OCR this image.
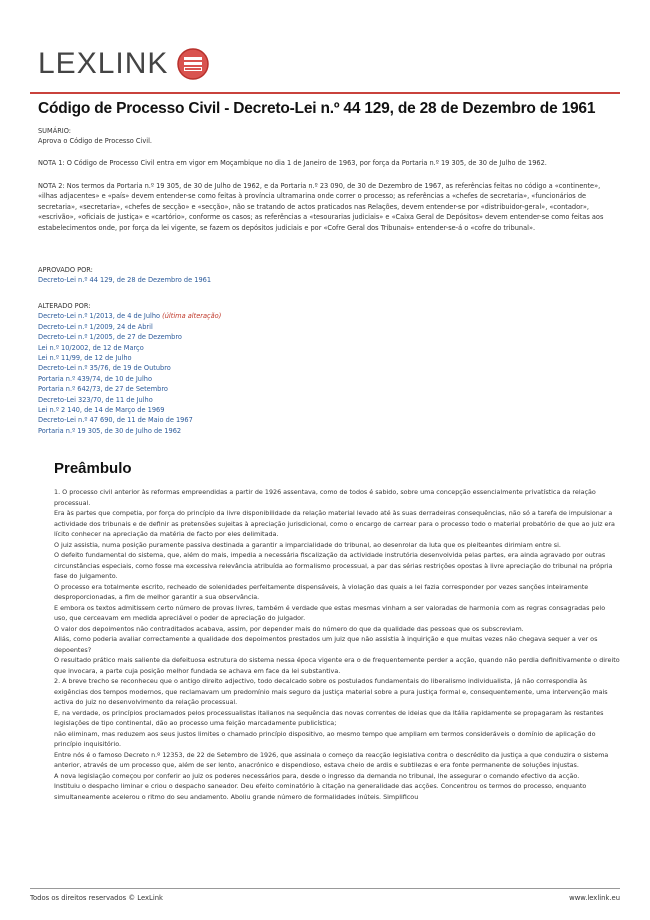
LEXLINK
Código de Processo Civil - Decreto-Lei n.º 44 129, de 28 de Dezembro de 1961
SUMÁRIO:
Aprova o Código de Processo Civil.
NOTA 1: O Código de Processo Civil entra em vigor em Moçambique no dia 1 de Janeiro de 1963, por força da Portaria n.º 19 305, de 30 de Julho de 1962.
NOTA 2: Nos termos da Portaria n.º 19 305, de 30 de Julho de 1962, e da Portaria n.º 23 090, de 30 de Dezembro de 1967, as referências feitas no código a «continente», «ilhas adjacentes» e «país» devem entender-se como feitas à província ultramarina onde correr o processo; as referências a «chefes de secretaria», «funcionários de secretaria», «secretaria», «chefes de secção» e «secção», não se tratando de actos praticados nas Relações, devem entender-se por «distribuidor-geral», «contador», «escrivão», «oficiais de justiça» e «cartório», conforme os casos; as referências a «tesourarias judiciais» e «Caixa Geral de Depósitos» devem entender-se como feitas aos estabelecimentos onde, por força da lei vigente, se fazem os depósitos judiciais e por «Cofre Geral dos Tribunais» entender-se-á o «cofre do tribunal».
APROVADO POR:
Decreto-Lei n.º 44 129, de 28 de Dezembro de 1961
ALTERADO POR:
Decreto-Lei n.º 1/2013, de 4 de Julho (última alteração)
Decreto-Lei n.º 1/2009, 24 de Abril
Decreto-Lei n.º 1/2005, de 27 de Dezembro
Lei n.º 10/2002, de 12 de Março
Lei n.º 11/99, de 12 de Julho
Decreto-Lei n.º 35/76, de 19 de Outubro
Portaria n.º 439/74, de 10 de Julho
Portaria n.º 642/73, de 27 de Setembro
Decreto-Lei 323/70, de 11 de Julho
Lei n.º 2 140, de 14 de Março de 1969
Decreto-Lei n.º 47 690, de 11 de Maio de 1967
Portaria n.º 19 305, de 30 de Julho de 1962
Preâmbulo

1. O processo civil anterior às reformas empreendidas a partir de 1926 assentava, como de todos é sabido, sobre uma concepção essencialmente privatística da relação processual.

Era às partes que competia, por força do princípio da livre disponibilidade da relação material levado até às suas derradeiras consequências, não só a tarefa de impulsionar a actividade dos tribunais e de definir as pretensões sujeitas à apreciação jurisdicional, como o encargo de carrear para o processo todo o material probatório de que ao juiz era lícito conhecer na apreciação da matéria de facto por eles delimitada.

O juiz assistia, numa posição puramente passiva destinada a garantir a imparcialidade do tribunal, ao desenrolar da luta que os pleiteantes dirimiam entre si.

O defeito fundamental do sistema, que, além do mais, impedia a necessária fiscalização da actividade instrutória desenvolvida pelas partes, era ainda agravado por outras circunstâncias especiais, como fosse ma excessiva relevância atribuída ao formalismo processual, a par das sérias restrições opostas à livre apreciação do tribunal na própria fase do julgamento.

O processo era totalmente escrito, recheado de solenidades perfeitamente dispensáveis, à violação das quais a lei fazia corresponder por vezes sanções inteiramente desproporcionadas, a fim de melhor garantir a sua observância.

E embora os textos admitissem certo número de provas livres, também é verdade que estas mesmas vinham a ser valoradas de harmonia com as regras consagradas pelo uso, que cerceavam em medida apreciável o poder de apreciação do julgador.

O valor dos depoimentos não contraditados acabava, assim, por depender mais do número do que da qualidade das pessoas que os subscreviam.

Aliás, como poderia avaliar correctamente a qualidade dos depoimentos prestados um juiz que não assistia à inquirição e que muitas vezes não chegava sequer a ver os depoentes?

O resultado prático mais saliente da defeituosa estrutura do sistema nessa época vigente era o de frequentemente perder a acção, quando não perdia definitivamente o direito que invocara, a parte cuja posição melhor fundada se achava em face da lei substantiva.

2. A breve trecho se reconheceu que o antigo direito adjectivo, todo decalcado sobre os postulados fundamentais do liberalismo individualista, já não correspondia às exigências dos tempos modernos, que reclamavam um predomínio mais seguro da justiça material sobre a pura justiça formal e, consequentemente, uma intervenção mais activa do juiz no desenvolvimento da relação processual.

E, na verdade, os princípios proclamados pelos processualistas italianos na sequência das novas correntes de ideias que da Itália rapidamente se propagaram às restantes legislações de tipo continental, dão ao processo uma feição marcadamente publicística;

não eliminam, mas reduzem aos seus justos limites o chamado princípio dispositivo, ao mesmo tempo que ampliam em termos consideráveis o domínio de aplicação do princípio inquisitório.

Entre nós é o famoso Decreto n.º 12353, de 22 de Setembro de 1926, que assinala o começo da reacção legislativa contra o descrédito da justiça a que conduzira o sistema anterior, através de um processo que, além de ser lento, anacrónico e dispendioso, estava cheio de ardis e subtilezas e era fonte permanente de soluções injustas.

A nova legislação começou por conferir ao juiz os poderes necessários para, desde o ingresso da demanda no tribunal, lhe assegurar o comando efectivo da acção.

Instituiu o despacho liminar e criou o despacho saneador. Deu efeito cominatório à citação na generalidade das acções. Concentrou os termos do processo, enquanto simultaneamente acelerou o ritmo do seu andamento. Aboliu grande número de formalidades inúteis. Simplificou

Todos os direitos reservados © LexLink	www.lexlink.eu
